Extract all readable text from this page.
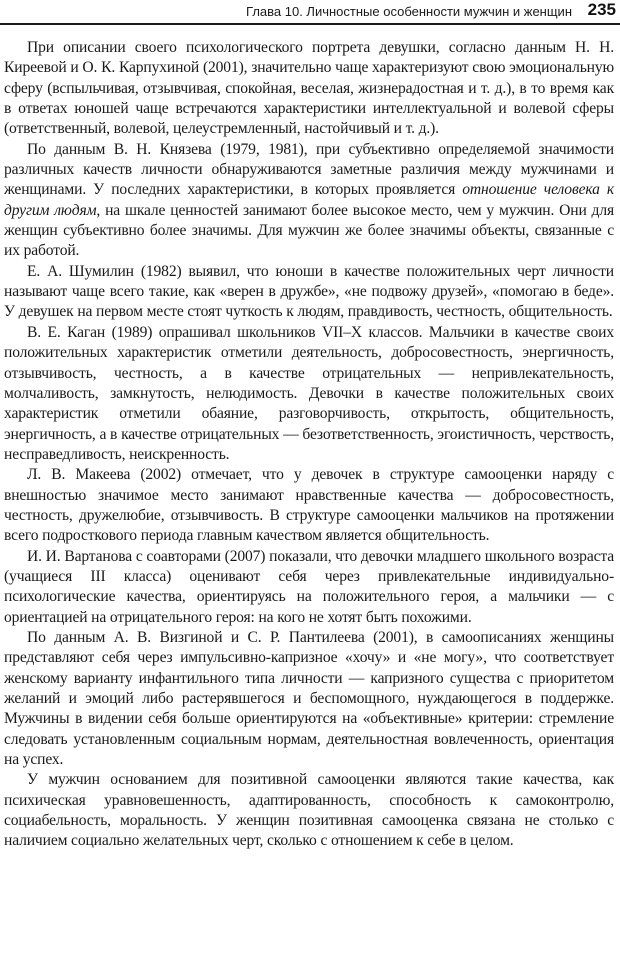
Глава 10. Личностные особенности мужчин и женщин 235

При описании своего психологического портрета девушки, согласно данным Н. Н. Киреевой и О. К. Карпухиной (2001), значительно чаще характеризуют свою эмоциональную сферу (вспыльчивая, отзывчивая, спокойная, веселая, жизнерадостная и т. д.), в то время как в ответах юношей чаще встречаются характеристики интеллектуальной и волевой сферы (ответственный, волевой, целеустремленный, настойчивый и т. д.).

По данным В. Н. Князева (1979, 1981), при субъективно определяемой значимости различных качеств личности обнаруживаются заметные различия между мужчинами и женщинами. У последних характеристики, в которых проявляется отношение человека к другим людям, на шкале ценностей занимают более высокое место, чем у мужчин. Они для женщин субъективно более значимы. Для мужчин же более значимы объекты, связанные с их работой.

Е. А. Шумилин (1982) выявил, что юноши в качестве положительных черт личности называют чаще всего такие, как «верен в дружбе», «не подвожу друзей», «помогаю в беде». У девушек на первом месте стоят чуткость к людям, правдивость, честность, общительность.

В. Е. Каган (1989) опрашивал школьников VII–X классов. Мальчики в качестве своих положительных характеристик отметили деятельность, добросовестность, энергичность, отзывчивость, честность, а в качестве отрицательных — непривлекательность, молчаливость, замкнутость, нелюдимость. Девочки в качестве положительных своих характеристик отметили обаяние, разговорчивость, открытость, общительность, энергичность, а в качестве отрицательных — безответственность, эгоистичность, черствость, несправедливость, неискренность.

Л. В. Макеева (2002) отмечает, что у девочек в структуре самооценки наряду с внешностью значимое место занимают нравственные качества — добросовестность, честность, дружелюбие, отзывчивость. В структуре самооценки мальчиков на протяжении всего подросткового периода главным качеством является общительность.

И. И. Вартанова с соавторами (2007) показали, что девочки младшего школьного возраста (учащиеся III класса) оценивают себя через привлекательные индивидуально-психологические качества, ориентируясь на положительного героя, а мальчики — с ориентацией на отрицательного героя: на кого не хотят быть похожими.

По данным А. В. Визгиной и С. Р. Пантилеева (2001), в самоописаниях женщины представляют себя через импульсивно-капризное «хочу» и «не могу», что соответствует женскому варианту инфантильного типа личности — капризного существа с приоритетом желаний и эмоций либо растерявшегося и беспомощного, нуждающегося в поддержке. Мужчины в видении себя больше ориентируются на «объективные» критерии: стремление следовать установленным социальным нормам, деятельностная вовлеченность, ориентация на успех.

У мужчин основанием для позитивной самооценки являются такие качества, как психическая уравновешенность, адаптированность, способность к самоконтролю, социабельность, моральность. У женщин позитивная самооценка связана не столько с наличием социально желательных черт, сколько с отношением к себе в целом.
